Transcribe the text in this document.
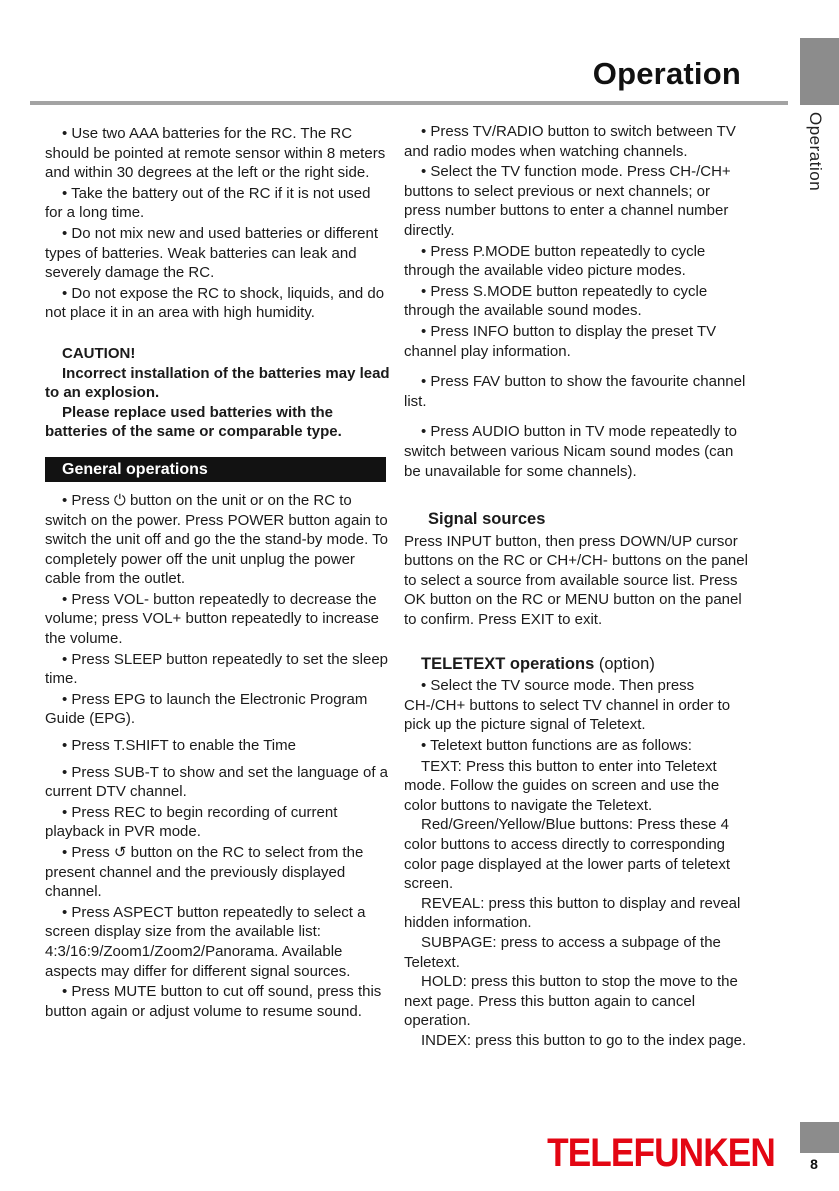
Operation
Operation

• Use two AAA batteries for the RC. The RC should be pointed at remote sensor within 8 meters and within 30 degrees at the left or the right side.

• Take the battery out of the RC if it is not used for a long time.

• Do not mix new and used batteries or different types of batteries. Weak batteries can leak and severely damage the RC.

• Do not expose the RC to shock, liquids, and do not place it in an area with high humidity.

CAUTION!

Incorrect installation of the batteries may lead to an explosion.

Please replace used batteries with the batteries of the same or comparable type.

General operations

• Press ⏻ button on the unit or on the RC to switch on the power. Press POWER button again to switch the unit off and go the the stand-by mode. To completely power off the unit unplug the power cable from the outlet.

• Press VOL- button repeatedly to decrease the volume; press VOL+ button repeatedly to increase the volume.

• Press SLEEP button repeatedly to set the sleep time.

• Press EPG to launch the Electronic Program Guide (EPG).

• Press T.SHIFT to enable the Time

• Press SUB-T to show and set the language of a current DTV channel.

• Press REC to begin recording of current playback in PVR mode.

• Press ↺ button on the RC to select from the present channel and the previously displayed channel.

• Press ASPECT button repeatedly to select a screen display size from the available list: 4:3/16:9/Zoom1/Zoom2/Panorama. Available aspects may differ for different signal sources.

• Press MUTE button to cut off sound, press this button again or adjust volume to resume sound.

• Press TV/RADIO button to switch between TV and radio modes when watching channels.

• Select the TV function mode. Press CH-/CH+ buttons to select previous or next channels; or press number buttons to enter a channel number directly.

• Press P.MODE button repeatedly to cycle through the available video picture modes.

• Press S.MODE button repeatedly to cycle through the available sound modes.

• Press INFO button to display the preset TV channel play information.

• Press FAV button to show the favourite channel list.

• Press AUDIO button in TV mode repeatedly to switch between various Nicam sound modes (can be unavailable for some channels).

Signal sources

Press INPUT button, then press DOWN/UP cursor buttons on the RC or CH+/CH- buttons on the panel to select a source from available source list. Press OK button on the RC or MENU button on the panel to confirm. Press EXIT to exit.

TELETEXT operations (option)

• Select the TV source mode. Then press CH-/CH+ buttons to select TV channel in order to pick up the picture signal of Teletext.

• Teletext button functions are as follows:

TEXT: Press this button to enter into Teletext mode. Follow the guides on screen and use the color buttons to navigate the Teletext.

Red/Green/Yellow/Blue buttons: Press these 4 color buttons to access directly to corresponding color page displayed at the lower parts of teletext screen.

REVEAL: press this button to display and reveal hidden information.

SUBPAGE: press to access a subpage of the Teletext.

HOLD: press this button to stop the move to the next page. Press this button again to cancel operation.

INDEX: press this button to go to the index page.

TELEFUNKEN	8
